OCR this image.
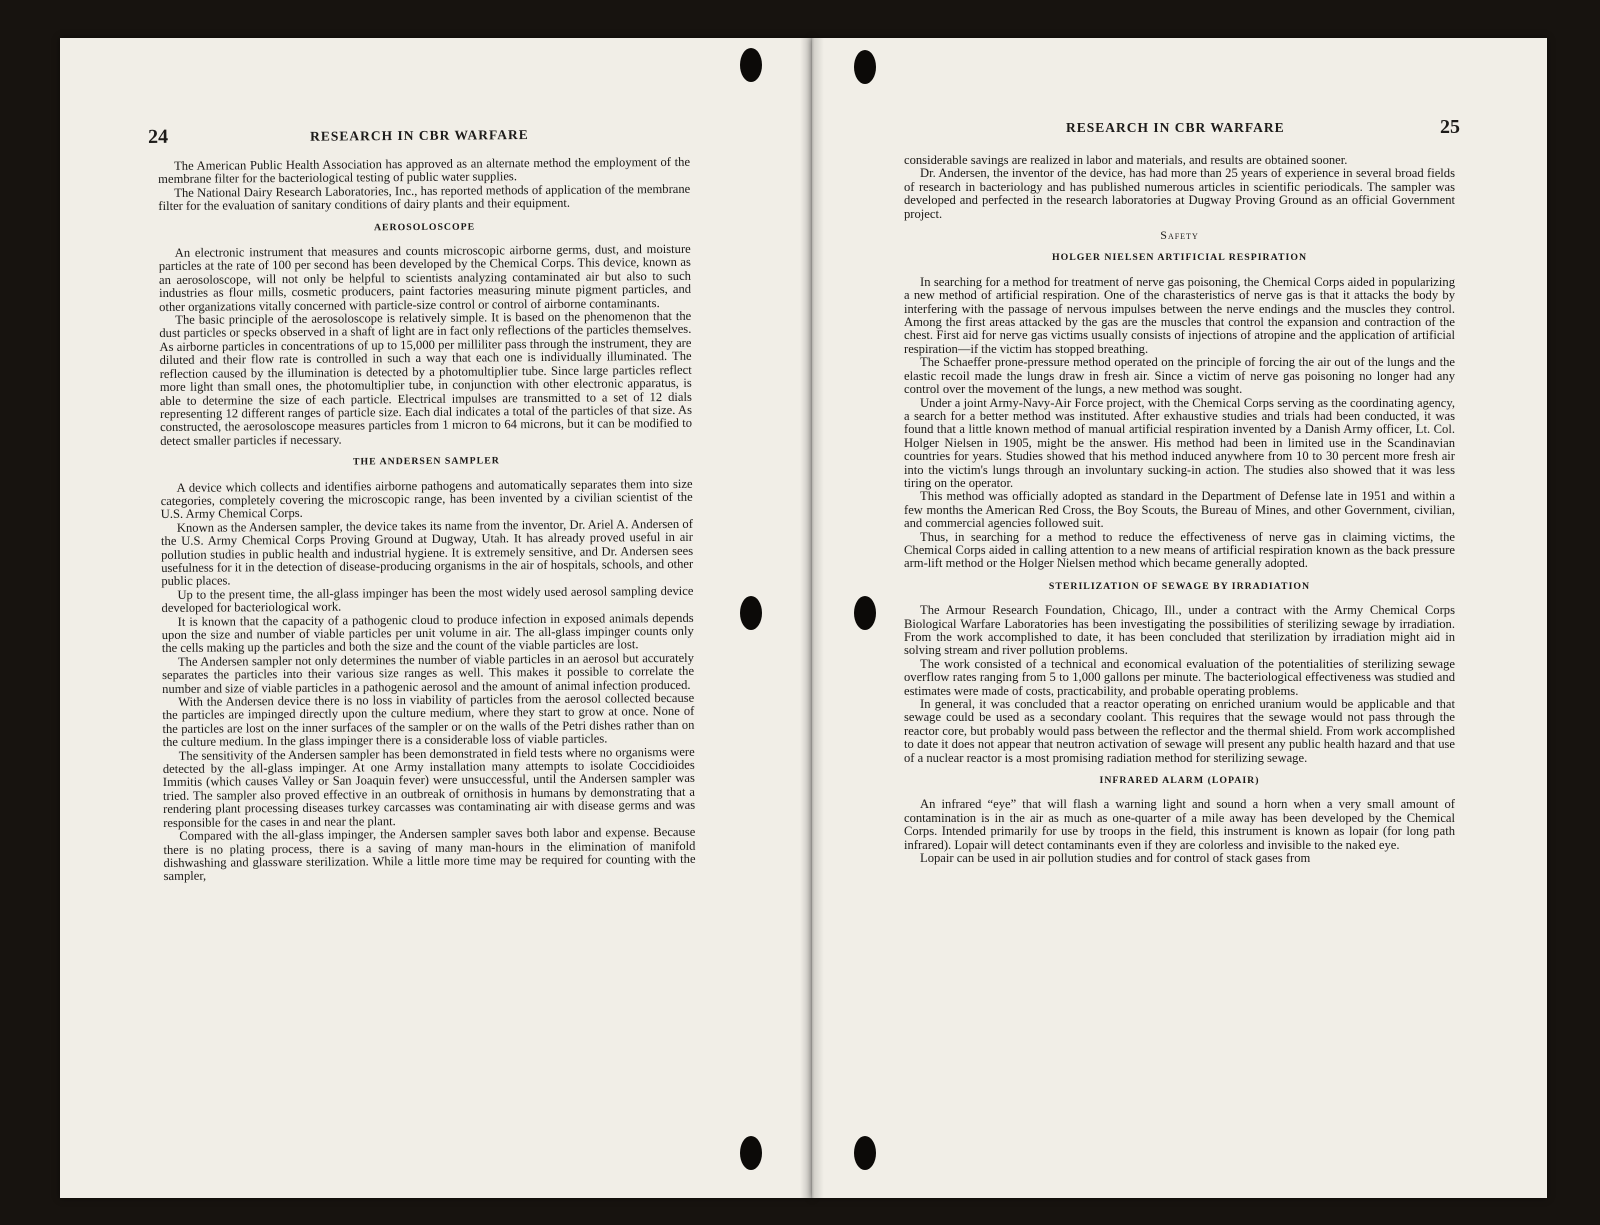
24	RESEARCH IN CBR WARFARE

The American Public Health Association has approved as an alternate method the employment of the membrane filter for the bacteriological testing of public water supplies.

The National Dairy Research Laboratories, Inc., has reported methods of application of the membrane filter for the evaluation of sanitary conditions of dairy plants and their equipment.

AEROSOLOSCOPE

An electronic instrument that measures and counts microscopic airborne germs, dust, and moisture particles at the rate of 100 per second has been developed by the Chemical Corps. This device, known as an aerosoloscope, will not only be helpful to scientists analyzing contaminated air but also to such industries as flour mills, cosmetic producers, paint factories measuring minute pigment particles, and other organizations vitally concerned with particle-size control or control of airborne contaminants.

The basic principle of the aerosoloscope is relatively simple. It is based on the phenomenon that the dust particles or specks observed in a shaft of light are in fact only reflections of the particles themselves. As airborne particles in concentrations of up to 15,000 per milliliter pass through the instrument, they are diluted and their flow rate is controlled in such a way that each one is individually illuminated. The reflection caused by the illumination is detected by a photomultiplier tube. Since large particles reflect more light than small ones, the photomultiplier tube, in conjunction with other electronic apparatus, is able to determine the size of each particle. Electrical impulses are transmitted to a set of 12 dials representing 12 different ranges of particle size. Each dial indicates a total of the particles of that size. As constructed, the aerosoloscope measures particles from 1 micron to 64 microns, but it can be modified to detect smaller particles if necessary.

THE ANDERSEN SAMPLER

A device which collects and identifies airborne pathogens and automatically separates them into size categories, completely covering the microscopic range, has been invented by a civilian scientist of the U.S. Army Chemical Corps.

Known as the Andersen sampler, the device takes its name from the inventor, Dr. Ariel A. Andersen of the U.S. Army Chemical Corps Proving Ground at Dugway, Utah. It has already proved useful in air pollution studies in public health and industrial hygiene. It is extremely sensitive, and Dr. Andersen sees usefulness for it in the detection of disease-producing organisms in the air of hospitals, schools, and other public places.

Up to the present time, the all-glass impinger has been the most widely used aerosol sampling device developed for bacteriological work.

It is known that the capacity of a pathogenic cloud to produce infection in exposed animals depends upon the size and number of viable particles per unit volume in air. The all-glass impinger counts only the cells making up the particles and both the size and the count of the viable particles are lost.

The Andersen sampler not only determines the number of viable particles in an aerosol but accurately separates the particles into their various size ranges as well. This makes it possible to correlate the number and size of viable particles in a pathogenic aerosol and the amount of animal infection produced.

With the Andersen device there is no loss in viability of particles from the aerosol collected because the particles are impinged directly upon the culture medium, where they start to grow at once. None of the particles are lost on the inner surfaces of the sampler or on the walls of the Petri dishes rather than on the culture medium. In the glass impinger there is a considerable loss of viable particles.

The sensitivity of the Andersen sampler has been demonstrated in field tests where no organisms were detected by the all-glass impinger. At one Army installation many attempts to isolate Coccidioides Immitis (which causes Valley or San Joaquin fever) were unsuccessful, until the Andersen sampler was tried. The sampler also proved effective in an outbreak of ornithosis in humans by demonstrating that a rendering plant processing diseases turkey carcasses was contaminating air with disease germs and was responsible for the cases in and near the plant.

Compared with the all-glass impinger, the Andersen sampler saves both labor and expense. Because there is no plating process, there is a saving of many man-hours in the elimination of manifold dishwashing and glassware sterilization. While a little more time may be required for counting with the sampler,

RESEARCH IN CBR WARFARE	25

considerable savings are realized in labor and materials, and results are obtained sooner.

Dr. Andersen, the inventor of the device, has had more than 25 years of experience in several broad fields of research in bacteriology and has published numerous articles in scientific periodicals. The sampler was developed and perfected in the research laboratories at Dugway Proving Ground as an official Government project.

Safety
HOLGER NIELSEN ARTIFICIAL RESPIRATION

In searching for a method for treatment of nerve gas poisoning, the Chemical Corps aided in popularizing a new method of artificial respiration. One of the charasteristics of nerve gas is that it attacks the body by interfering with the passage of nervous impulses between the nerve endings and the muscles they control. Among the first areas attacked by the gas are the muscles that control the expansion and contraction of the chest. First aid for nerve gas victims usually consists of injections of atropine and the application of artificial respiration—if the victim has stopped breathing.

The Schaeffer prone-pressure method operated on the principle of forcing the air out of the lungs and the elastic recoil made the lungs draw in fresh air. Since a victim of nerve gas poisoning no longer had any control over the movement of the lungs, a new method was sought.

Under a joint Army-Navy-Air Force project, with the Chemical Corps serving as the coordinating agency, a search for a better method was instituted. After exhaustive studies and trials had been conducted, it was found that a little known method of manual artificial respiration invented by a Danish Army officer, Lt. Col. Holger Nielsen in 1905, might be the answer. His method had been in limited use in the Scandinavian countries for years. Studies showed that his method induced anywhere from 10 to 30 percent more fresh air into the victim's lungs through an involuntary sucking-in action. The studies also showed that it was less tiring on the operator.

This method was officially adopted as standard in the Department of Defense late in 1951 and within a few months the American Red Cross, the Boy Scouts, the Bureau of Mines, and other Government, civilian, and commercial agencies followed suit.

Thus, in searching for a method to reduce the effectiveness of nerve gas in claiming victims, the Chemical Corps aided in calling attention to a new means of artificial respiration known as the back pressure arm-lift method or the Holger Nielsen method which became generally adopted.

STERILIZATION OF SEWAGE BY IRRADIATION

The Armour Research Foundation, Chicago, Ill., under a contract with the Army Chemical Corps Biological Warfare Laboratories has been investigating the possibilities of sterilizing sewage by irradiation. From the work accomplished to date, it has been concluded that sterilization by irradiation might aid in solving stream and river pollution problems.

The work consisted of a technical and economical evaluation of the potentialities of sterilizing sewage overflow rates ranging from 5 to 1,000 gallons per minute. The bacteriological effectiveness was studied and estimates were made of costs, practicability, and probable operating problems.

In general, it was concluded that a reactor operating on enriched uranium would be applicable and that sewage could be used as a secondary coolant. This requires that the sewage would not pass through the reactor core, but probably would pass between the reflector and the thermal shield. From work accomplished to date it does not appear that neutron activation of sewage will present any public health hazard and that use of a nuclear reactor is a most promising radiation method for sterilizing sewage.

INFRARED ALARM (LOPAIR)

An infrared “eye” that will flash a warning light and sound a horn when a very small amount of contamination is in the air as much as one-quarter of a mile away has been developed by the Chemical Corps. Intended primarily for use by troops in the field, this instrument is known as lopair (for long path infrared). Lopair will detect contaminants even if they are colorless and invisible to the naked eye.

Lopair can be used in air pollution studies and for control of stack gases from
